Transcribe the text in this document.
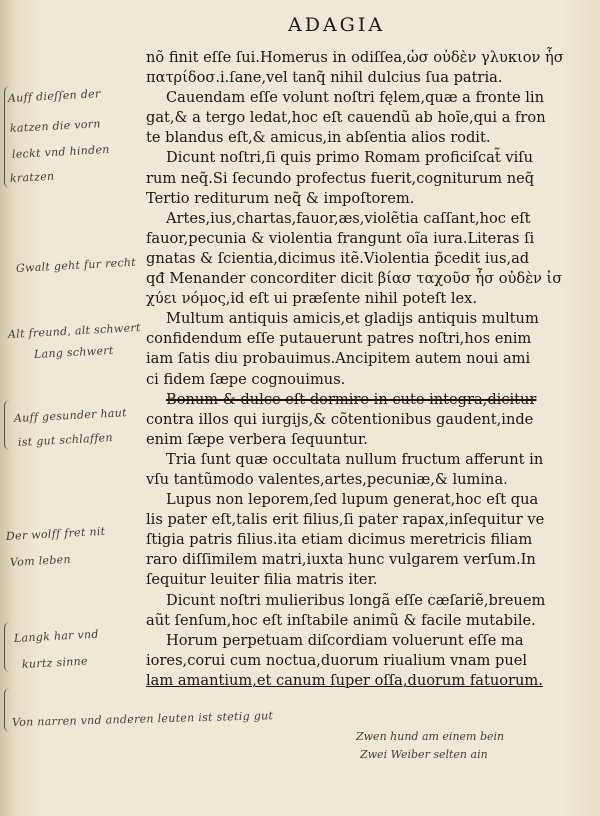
ADAGIA
Auff dieſſen der
katzen die vorn
leckt vnd hinden
kratzen
Gwalt geht fur recht
Alt freund, alt schwert
Lang schwert
Auff gesunder haut
ist gut schlaffen
Der wolff fret nit
Vom leben
Langk har vnd
kurtz sinne
Von narren vnd anderen leuten ist stetig gut
nõ finit eſſe ſui.Homerus in odiſſea,ὡσ οὐδὲν γλυκιον ἧσ
πατρίδοσ.i.ſane,vel tanq̃ nihil dulcius ſua patria.
Cauendam eſſe volunt noſtri fęlem,quæ a fronte lin
gat,& a tergo ledat,hoc eſt cauendũ ab hoĩe,qui a fron
te blandus eſt,& amicus,in abſentia alios rodit.
Dicunt noſtri,ſi quis primo Romam proficiſcat̃ viſu
rum neq̃.Si ſecundo profectus fuerit,cogniturum neq̃
Tertio rediturum neq̃ & impoſtorem.
Artes,ius,chartas,fauor,æs,violẽtia caſſant,hoc eſt
fauor,pecunia & violentia frangunt oĩa iura.Literas ſi
gnatas & ſcientia,dicimus itẽ.Violentia p̃cedit ius,ad
qđ Menander concorditer dicit βίασ ταχοῦσ ἧσ οὐδὲν ἰσ
χύει νόμος,id eſt ui præſente nihil poteſt lex.
Multum antiquis amicis,et gladijs antiquis multum
confidendum eſſe putauerunt patres noſtri,hos enim
iam ſatis diu probauimus.Ancipitem autem noui ami
ci fidem ſæpe cognouimus.
Bonum & dulce eſt dormire in cute integra,dicitur
contra illos qui iurgijs,& cõtentionibus gaudent,inde
enim ſæpe verbera ſequuntur.
Tria ſunt quæ occultata nullum fructum afferunt in
vſu tantũmodo valentes,artes,pecuniæ,& lumina.
Lupus non leporem,ſed lupum generat,hoc eſt qua
lis pater eſt,talis erit filius,ſi pater rapax,inſequitur ve
ſtigia patris filius.ita etiam dicimus meretricis filiam
raro diſſimilem matri,iuxta hunc vulgarem verſum.In
ſequitur leuiter filia matris iter.
Dicunt noſtri mulieribus longã eſſe cæſariẽ,breuem
aũt ſenſum,hoc eſt inſtabile animũ & facile mutabile.
Horum perpetuam diſcordiam voluerunt eſſe ma
iores,corui cum noctua,duorum riualium vnam puel
lam amantium,et canum ſuper oſſa,duorum fatuorum.
Zwen hund am einem bein
Zwei Weiber selten ain
